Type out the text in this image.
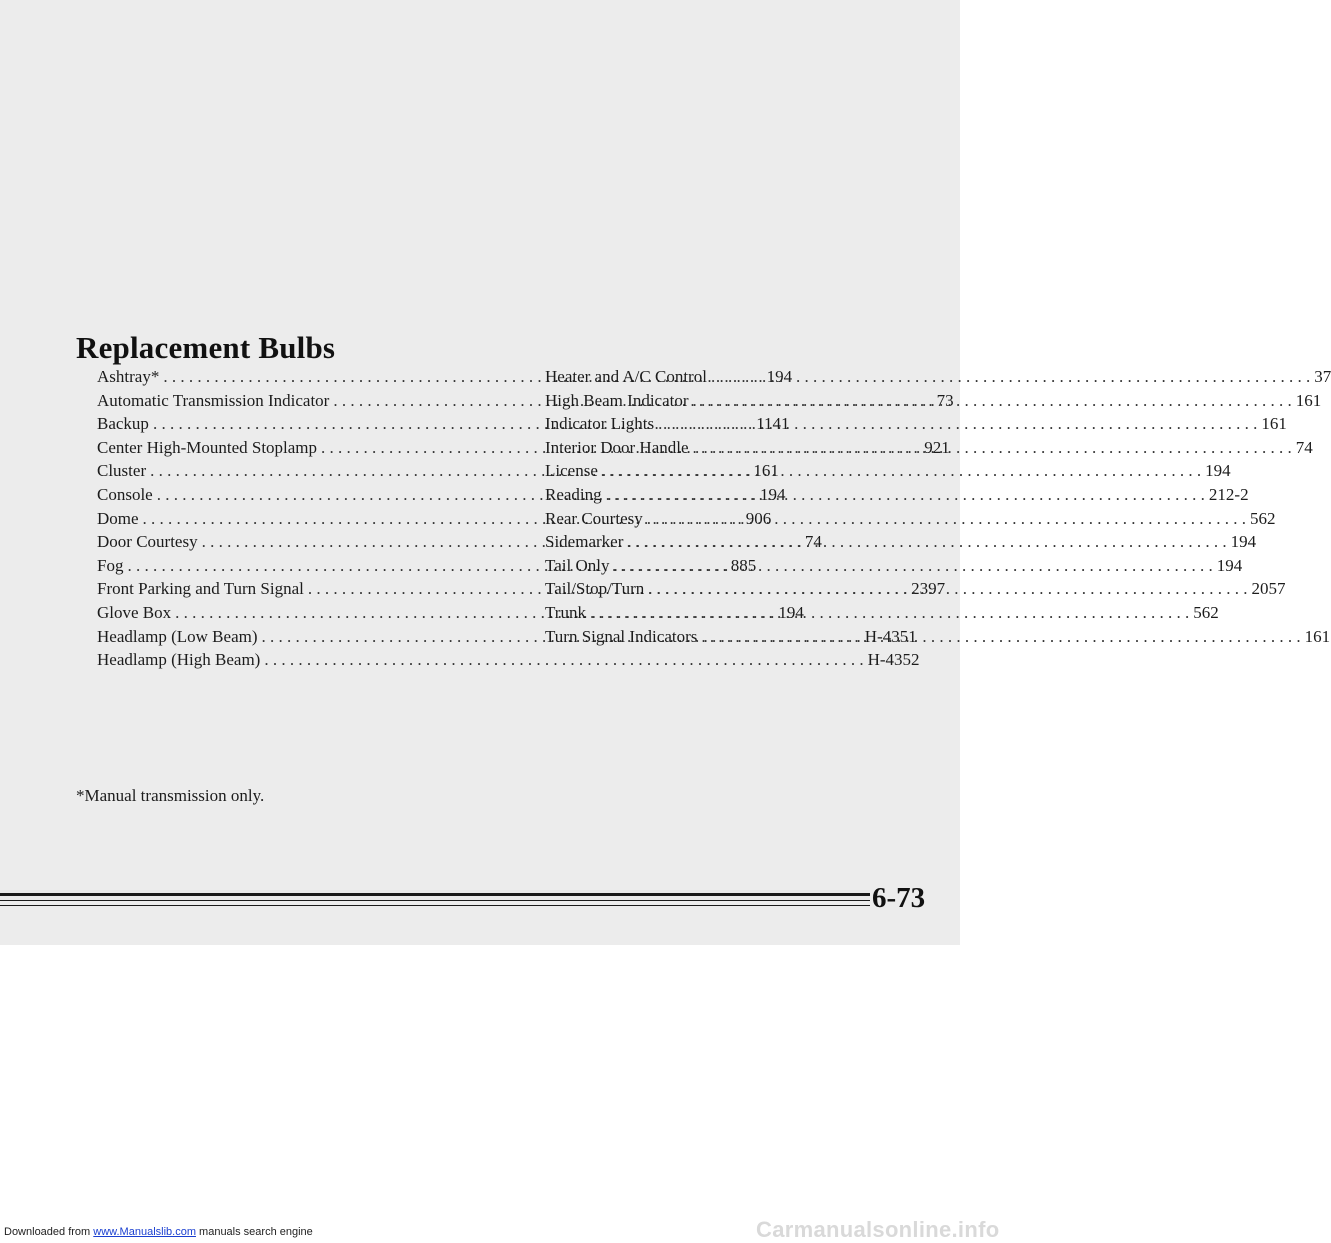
Replacement Bulbs
Ashtray* . . .	194
Automatic Transmission Indicator . . .	73
Backup . . .	1141
Center High-Mounted Stoplamp . . .	921
Cluster . . .	161
Console . . .	194
Dome . . .	906
Door Courtesy . . .	74
Fog . . .	885
Front Parking and Turn Signal . . .	2397
Glove Box . . .	194
Headlamp (Low Beam) . . .	H-4351
Headlamp (High Beam) . . .	H-4352
Heater and A/C Control . . .	37
High Beam Indicator . . .	161
Indicator Lights . . .	161
Interior Door Handle . . .	74
License . . .	194
Reading . . .	212-2
Rear Courtesy . . .	562
Sidemarker . . .	194
Tail Only . . .	194
Tail/Stop/Turn . . .	2057
Trunk . . .	562
Turn Signal Indicators . . .	161
*Manual transmission only.
6-73
Downloaded from www.Manualslib.com manuals search engine	Carmanualsonline.info
